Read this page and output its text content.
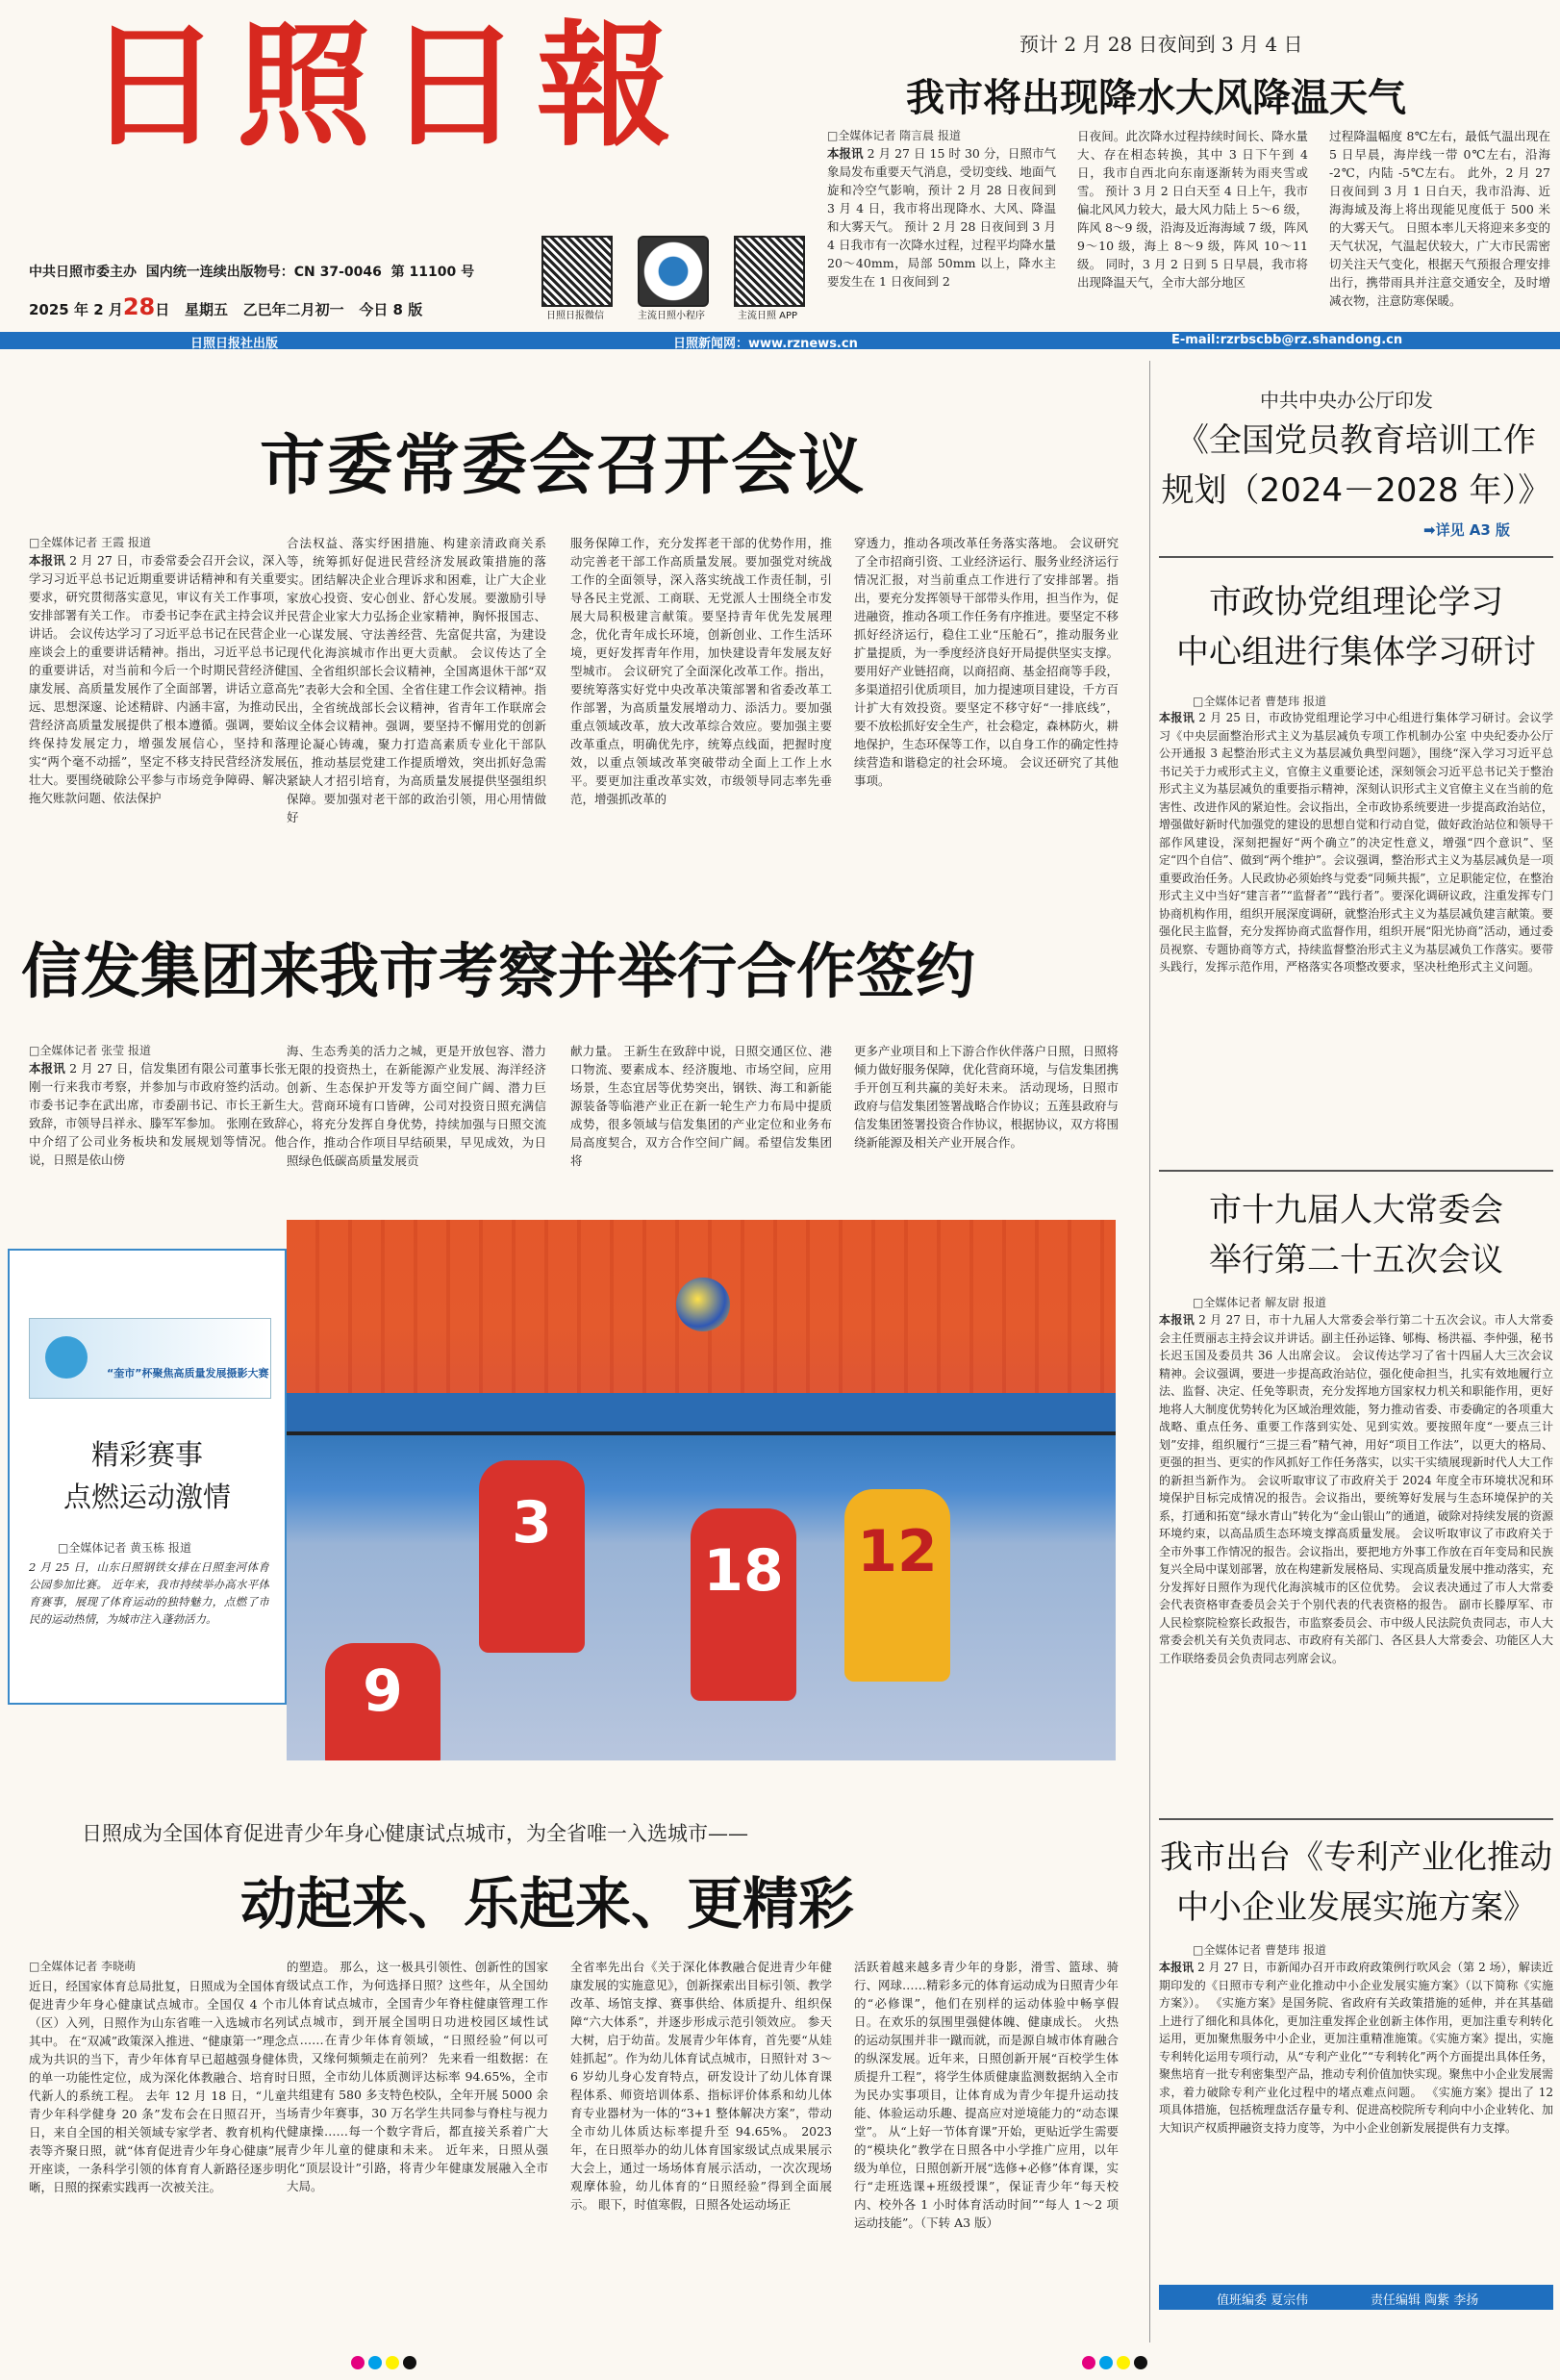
日照日報
中共日照市委主办 国内统一连续出版物号：CN 37-0046 第 11100 号
2025 年 2 月28日 星期五 乙巳年二月初一 今日 8 版	日照日报微信	主流日照小程序	主流日照 APP
预计 2 月 28 日夜间到 3 月 4 日
我市将出现降水大风降温天气
□全媒体记者 隋言晨 报道
本报讯 2 月 27 日 15 时 30 分，日照市气象局发布重要天气消息，受切变线、地面气旋和冷空气影响，预计 2 月 28 日夜间到 3 月 4 日，我市将出现降水、大风、降温和大雾天气。 预计 2 月 28 日夜间到 3 月 4 日我市有一次降水过程，过程平均降水量 20～40mm，局部 50mm 以上，降水主要发生在 1 日夜间到 2
日夜间。此次降水过程持续时间长、降水量大、存在相态转换，其中 3 日下午到 4 日，我市自西北向东南逐渐转为雨夹雪或雪。 预计 3 月 2 日白天至 4 日上午，我市偏北风风力较大，最大风力陆上 5～6 级，阵风 8～9 级，沿海及近海海域 7 级，阵风 9～10 级，海上 8～9 级，阵风 10～11 级。 同时，3 月 2 日到 5 日早晨，我市将出现降温天气，全市大部分地区
过程降温幅度 8℃左右，最低气温出现在 5 日早晨，海岸线一带 0℃左右，沿海 -2℃，内陆 -5℃左右。 此外，2 月 27 日夜间到 3 月 1 日白天，我市沿海、近海海域及海上将出现能见度低于 500 米的大雾天气。 日照本率儿天将迎来多变的天气状况，气温起伏较大，广大市民需密切关注天气变化，根据天气预报合理安排出行，携带雨具并注意交通安全，及时增减衣物，注意防寒保暖。
日照日报社出版	日照新闻网：www.rznews.cn	E-mail:rzrbscbb@rz.shandong.cn
市委常委会召开会议
□全媒体记者 王霞 报道
本报讯 2 月 27 日，市委常委会召开会议，深入学习习近平总书记近期重要讲话精神和有关重要要求，研究贯彻落实意见，审议有关工作事项，安排部署有关工作。 市委书记李在武主持会议并讲话。 会议传达学习了习近平总书记在民营企业座谈会上的重要讲话精神。指出，习近平总书记的重要讲话，对当前和今后一个时期民营经济健康发展、高质量发展作了全面部署，讲话立意高远、思想深邃、论述精辟、内涵丰富，为推动民营经济高质量发展提供了根本遵循。强调，要始终保持发展定力，增强发展信心，坚持和落实“两个毫不动摇”，坚定不移支持民营经济发展壮大。要围绕破除公平参与市场竞争障碍、解决拖欠账款问题、依法保护
合法权益、落实纾困措施、构建亲清政商关系等，统筹抓好促进民营经济发展政策措施的落实。团结解决企业合理诉求和困难，让广大企业家放心投资、安心创业、舒心发展。要激励引导民营企业家大力弘扬企业家精神，胸怀报国志、一心谋发展、守法善经营、先富促共富，为建设现代化海滨城市作出更大贡献。 会议传达了全国、全省组织部长会议精神，全国离退休干部“双先”表彰大会和全国、全省住建工作会议精神。指出，全省统战部长会议精神，省青年工作联席会议全体会议精神。强调，要坚持不懈用党的创新理论凝心铸魂，聚力打造高素质专业化干部队伍，推动基层党建工作提质增效，突出抓好急需紧缺人才招引培育，为高质量发展提供坚强组织保障。要加强对老干部的政治引领，用心用情做好
服务保障工作，充分发挥老干部的优势作用，推动完善老干部工作高质量发展。要加强党对统战工作的全面领导，深入落实统战工作责任制，引导各民主党派、工商联、无党派人士围绕全市发展大局积极建言献策。要坚持青年优先发展理念，优化青年成长环境，创新创业、工作生活环境，更好发挥青年作用，加快建设青年发展友好型城市。 会议研究了全面深化改革工作。指出，要统筹落实好党中央改革决策部署和省委改革工作部署，为高质量发展增动力、添活力。要加强重点领域改革，放大改革综合效应。要加强主要改革重点，明确优先序，统筹点线面，把握时度效，以重点领域改革突破带动全面上工作上水平。要更加注重改革实效，市级领导同志率先垂范，增强抓改革的
穿透力，推动各项改革任务落实落地。 会议研究了全市招商引资、工业经济运行、服务业经济运行情况汇报，对当前重点工作进行了安排部署。指出，要充分发挥领导干部带头作用，担当作为，促进融资，推动各项工作任务有序推进。要坚定不移抓好经济运行，稳住工业“压舱石”，推动服务业扩量提质，为一季度经济良好开局提供坚实支撑。要用好产业链招商，以商招商、基金招商等手段，多渠道招引优质项目，加力提速项目建设，千方百计扩大有效投资。要坚定不移守好“一排底线”，要不放松抓好安全生产，社会稳定，森林防火，耕地保护，生态环保等工作，以自身工作的确定性持续营造和谐稳定的社会环境。 会议还研究了其他事项。
信发集团来我市考察并举行合作签约
□全媒体记者 张莹 报道
本报讯 2 月 27 日，信发集团有限公司董事长张刚一行来我市考察，并参加与市政府签约活动。市委书记李在武出席，市委副书记、市长王新生致辞，市领导吕祥永、滕军军参加。 张刚在致辞中介绍了公司业务板块和发展规划等情况。他说，日照是依山傍
海、生态秀美的活力之城，更是开放包容、潜力无限的投资热土，在新能源产业发展、海洋经济创新、生态保护开发等方面空间广阔、潜力巨大。营商环境有口皆碑，公司对投资日照充满信心，将充分发挥自身优势，持续加强与日照交流合作，推动合作项目早结硕果，早见成效，为日照绿色低碳高质量发展贡
献力量。 王新生在致辞中说，日照交通区位、港口物流、要素成本、经济腹地、市场空间，应用场景，生态宜居等优势突出，钢铁、海工和新能源装备等临港产业正在新一轮生产力布局中提质成势，很多领域与信发集团的产业定位和业务布局高度契合，双方合作空间广阔。希望信发集团将
更多产业项目和上下游合作伙伴落户日照，日照将倾力做好服务保障，优化营商环境，与信发集团携手开创互利共赢的美好未来。 活动现场，日照市政府与信发集团签署战略合作协议；五莲县政府与信发集团签署投资合作协议，根据协议，双方将围绕新能源及相关产业开展合作。
3
18 12
9
“奎市”杯聚焦高质量发展摄影大赛
精彩赛事
点燃运动激情
□全媒体记者 黄玉栋 报道
2 月 25 日，山东日照钢铁女排在日照奎河体育公园参加比赛。 近年来，我市持续举办高水平体育赛事，展现了体育运动的独特魅力，点燃了市民的运动热情，为城市注入蓬勃活力。
日照成为全国体育促进青少年身心健康试点城市，为全省唯一入选城市——
动起来、乐起来、更精彩
□全媒体记者 李晓萌
近日，经国家体育总局批复，日照成为全国体育促进青少年身心健康试点城市。全国仅 4 个市（区）入列，日照作为山东省唯一入选城市名列其中。 在“双减”政策深入推进、“健康第一”理念成为共识的当下，青少年体育早已超越强身健体的单一功能性定位，成为深化体教融合、培育时代新人的系统工程。 去年 12 月 18 日，“儿童青少年科学健身 20 条”发布会在日照召开，当日，来自全国的相关领域专家学者、教育机构代表等齐聚日照，就“体育促进青少年身心健康”展开座谈，一条科学引领的体育育人新路径逐步明晰，日照的探索实践再一次被关注。
的塑造。 那么，这一极具引领性、创新性的国家级试点工作，为何选择日照？这些年，从全国幼儿体育试点城市，全国青少年脊柱健康管理工作试点城市，到开展全国明日功进校园区域性试点……在青少年体育领域，“日照经验”何以可贵，又缘何频频走在前列？ 先来看一组数据：在日照，全市幼儿体质测评达标率 94.65%，全市共组建有 580 多支特色校队，全年开展 5000 余场青少年赛事，30 万名学生共同参与脊柱与视力健康操……每一个数字背后，都直接关系着广大青少年儿童的健康和未来。 近年来，日照从强化“顶层设计”引路，将青少年健康发展融入全市大局。
全省率先出台《关于深化体教融合促进青少年健康发展的实施意见》，创新探索出目标引领、教学改革、场馆支撑、赛事供给、体质提升、组织保障“六大体系”，并逐步形成示范引领效应。 参天大树，启于幼苗。发展青少年体育，首先要“从娃娃抓起”。作为幼儿体育试点城市，日照针对 3～6 岁幼儿身心发育特点，研发设计了幼儿体育课程体系、师资培训体系、指标评价体系和幼儿体育专业器材为一体的“3+1 整体解决方案”，带动全市幼儿体质达标率提升至 94.65%。 2023 年，在日照举办的幼儿体育国家级试点成果展示大会上，通过一场场体育展示活动，一次次现场观摩体验，幼儿体育的“日照经验”得到全面展示。 眼下，时值寒假，日照各处运动场正
活跃着越来越多青少年的身影，滑雪、篮球、骑行、网球……精彩多元的体育运动成为日照青少年的“必修课”，他们在别样的运动体验中畅享假日。在欢乐的氛围里强健体魄、健康成长。 火热的运动氛围并非一蹴而就，而是源自城市体育融合的纵深发展。近年来，日照创新开展“百校学生体质提升工程”，将学生体质健康监测数据纳入全市为民办实事项目，让体育成为青少年提升运动技能、体验运动乐趣、提高应对逆境能力的“动态课堂”。 从“上好一节体育课”开始，更贴近学生需要的“模块化”教学在日照各中小学推广应用，以年级为单位，日照创新开展“选修+必修”体育课，实行“走班选课+班级授课”，保证青少年“每天校内、校外各 1 小时体育活动时间”“每人 1～2 项运动技能”。（下转 A3 版）
中共中央办公厅印发
《全国党员教育培训工作
规划（2024－2028 年）》
➡详见 A3 版
市政协党组理论学习
中心组进行集体学习研讨
□全媒体记者 曹楚玮 报道
本报讯 2 月 25 日，市政协党组理论学习中心组进行集体学习研讨。会议学习《中央层面整治形式主义为基层减负专项工作机制办公室 中央纪委办公厅公开通报 3 起整治形式主义为基层减负典型问题》，围绕“深入学习习近平总书记关于力戒形式主义，官僚主义重要论述，深刻领会习近平总书记关于整治形式主义为基层减负的重要指示精神，深刻认识形式主义官僚主义在当前的危害性、改进作风的紧迫性。会议指出，全市政协系统要进一步提高政治站位，增强做好新时代加强党的建设的思想自觉和行动自觉，做好政治站位和领导干部作风建设，深刻把握好“两个确立”的决定性意义，增强“四个意识”、坚定“四个自信”、做到“两个维护”。会议强调，整治形式主义为基层减负是一项重要政治任务。人民政协必须始终与党委“同频共振”，立足职能定位，在整治形式主义中当好“建言者”“监督者”“践行者”。要深化调研议政，注重发挥专门协商机构作用，组织开展深度调研，就整治形式主义为基层减负建言献策。要强化民主监督，充分发挥协商式监督作用，组织开展“阳光协商”活动，通过委员视察、专题协商等方式，持续监督整治形式主义为基层减负工作落实。要带头践行，发挥示范作用，严格落实各项整改要求，坚决杜绝形式主义问题。
市十九届人大常委会
举行第二十五次会议
□全媒体记者 解友尉 报道
本报讯 2 月 27 日，市十九届人大常委会举行第二十五次会议。市人大常委会主任贾丽志主持会议并讲话。副主任孙运锋、郇梅、杨洪福、李仲强，秘书长迟玉国及委员共 36 人出席会议。 会议传达学习了省十四届人大三次会议精神。会议强调，要进一步提高政治站位，强化使命担当，扎实有效地履行立法、监督、决定、任免等职责，充分发挥地方国家权力机关和职能作用，更好地将人大制度优势转化为区域治理效能，努力推动省委、市委确定的各项重大战略、重点任务、重要工作落到实处、见到实效。要按照年度“一要点三计划”安排，组织履行“三提三看”精气神，用好“项目工作法”，以更大的格局、更强的担当、更实的作风抓好工作任务落实，以实干实绩展现新时代人大工作的新担当新作为。 会议听取审议了市政府关于 2024 年度全市环境状况和环境保护目标完成情况的报告。会议指出，要统筹好发展与生态环境保护的关系，打通和拓宽“绿水青山”转化为“金山银山”的通道，破除对持续发展的资源环境约束，以高品质生态环境支撑高质量发展。 会议听取审议了市政府关于全市外事工作情况的报告。会议指出，要把地方外事工作放在百年变局和民族复兴全局中谋划部署，放在构建新发展格局、实现高质量发展中推动落实，充分发挥好日照作为现代化海滨城市的区位优势。 会议表决通过了市人大常委会代表资格审查委员会关于个别代表的代表资格的报告。 副市长滕厚军、市人民检察院检察长政报告，市监察委员会、市中级人民法院负责同志，市人大常委会机关有关负责同志、市政府有关部门、各区县人大常委会、功能区人大工作联络委员会负责同志列席会议。
我市出台《专利产业化推动
中小企业发展实施方案》
□全媒体记者 曹楚玮 报道
本报讯 2 月 27 日，市新闻办召开市政府政策例行吹风会（第 2 场），解读近期印发的《日照市专利产业化推动中小企业发展实施方案》（以下简称《实施方案》）。 《实施方案》是国务院、省政府有关政策措施的延伸，并在其基础上进行了细化和具体化，更加注重发挥企业创新主体作用，更加注重专利转化运用，更加聚焦服务中小企业，更加注重精准施策。《实施方案》提出，实施专利转化运用专项行动，从“专利产业化”“专利转化”两个方面提出具体任务，聚焦培育一批专利密集型产品，推动专利价值加快实现。聚焦中小企业发展需求，着力破除专利产业化过程中的堵点难点问题。 《实施方案》提出了 12 项具体措施，包括梳理盘活存量专利、促进高校院所专利向中小企业转化、加大知识产权质押融资支持力度等，为中小企业创新发展提供有力支撑。
值班编委 夏宗伟	责任编辑 陶紫 李扬
